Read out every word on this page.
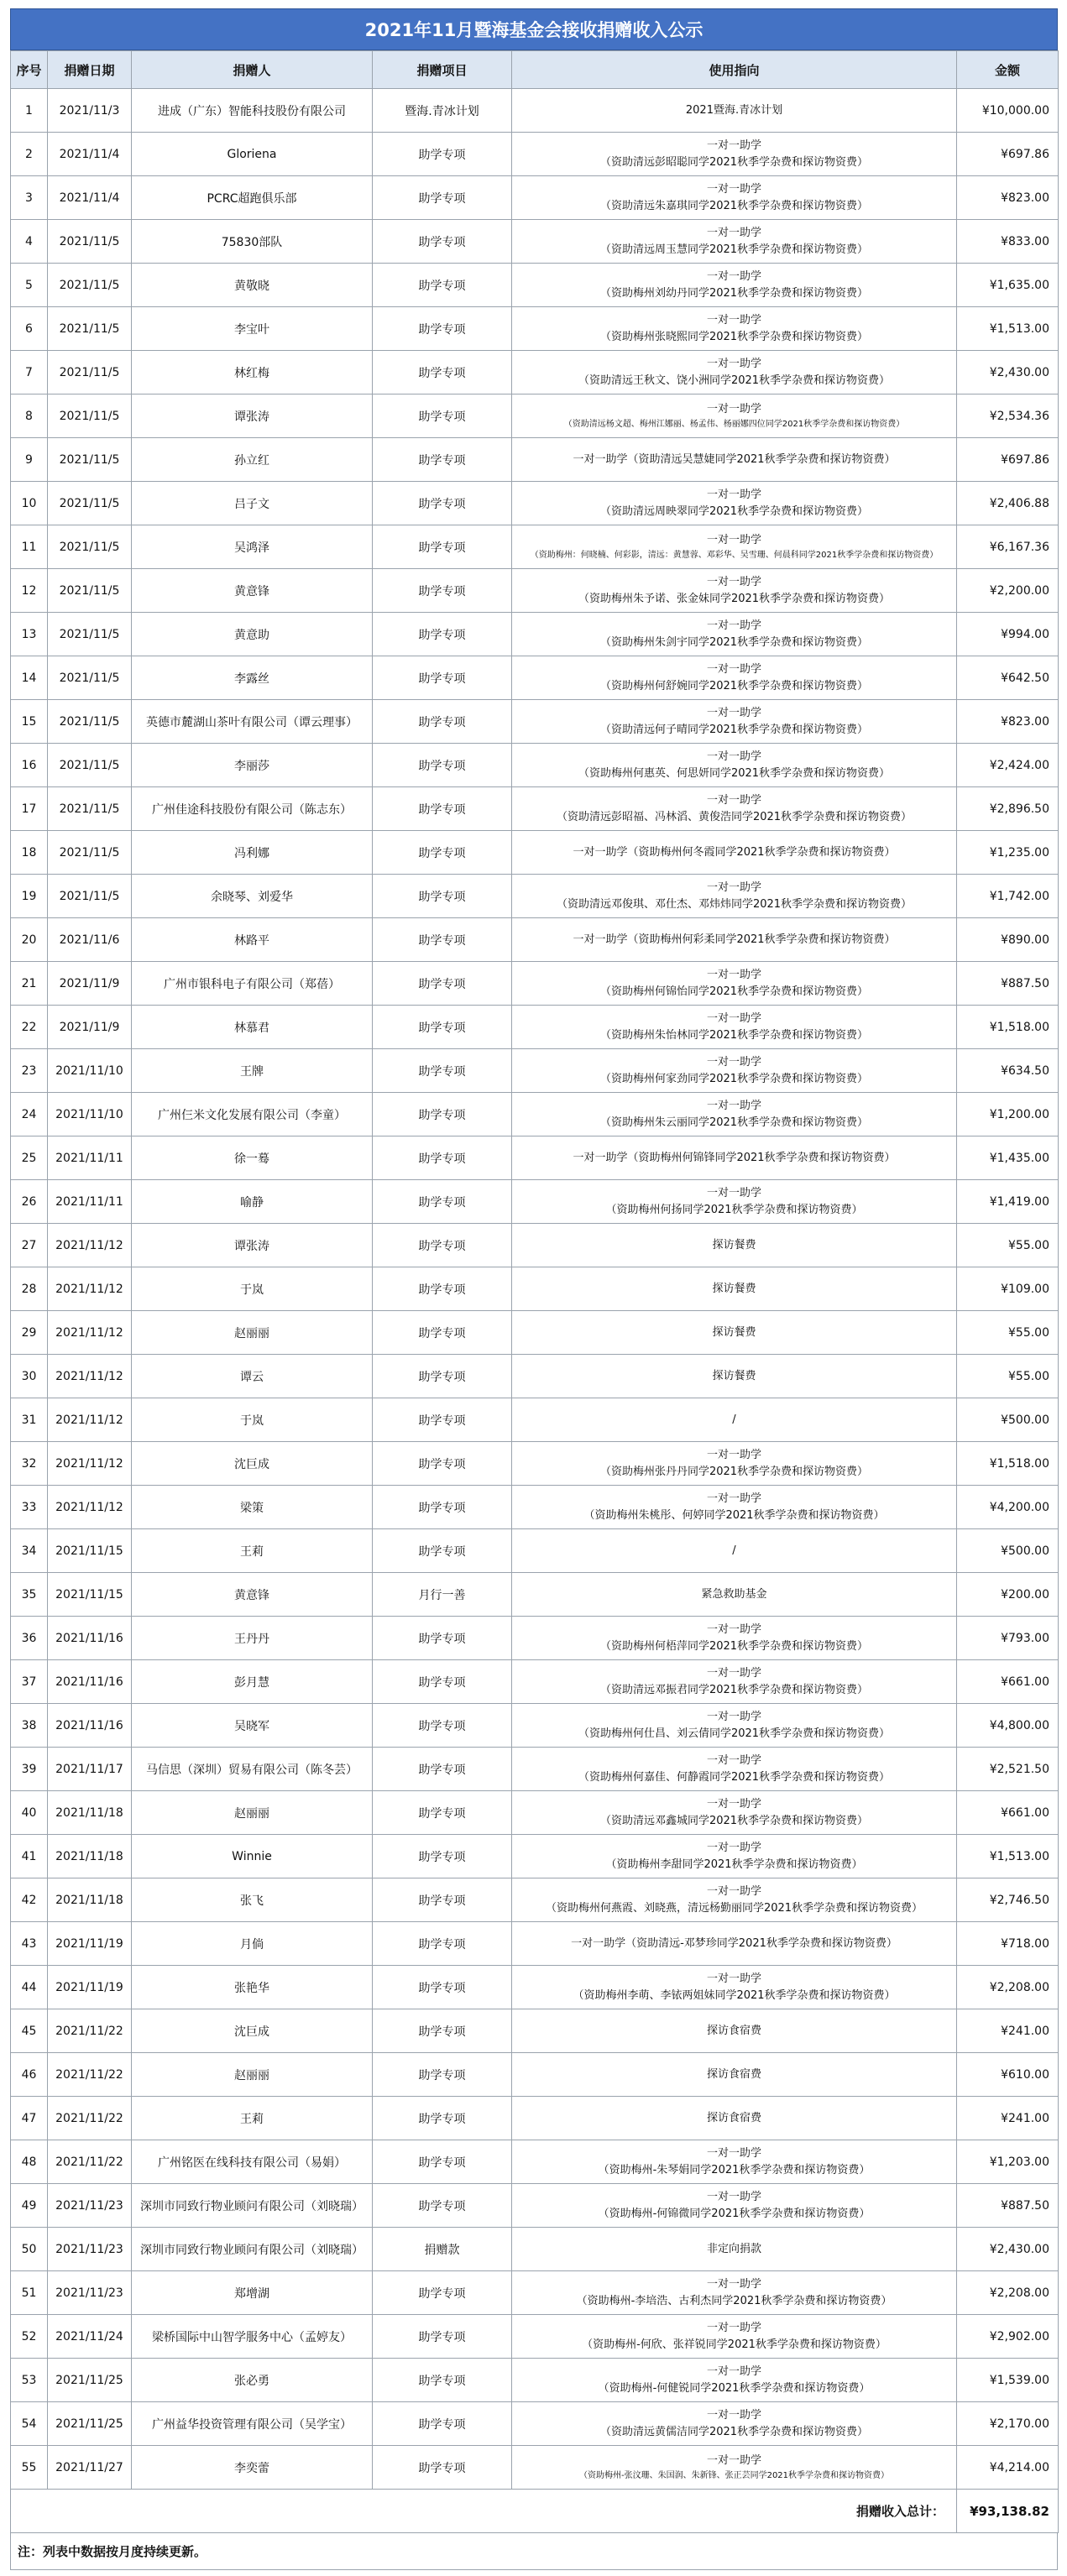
2021年11月暨海基金会接收捐赠收入公示
序号	捐赠日期	捐赠人	捐赠项目	使用指向	金额
1	2021/11/3	进成（广东）智能科技股份有限公司	暨海.青冰计划	2021暨海.青冰计划	¥10,000.00
2	2021/11/4	Gloriena	助学专项	一对一助学
（资助清远彭昭聪同学2021秋季学杂费和探访物资费）	¥697.86
3	2021/11/4	PCRC超跑俱乐部	助学专项	一对一助学
（资助清远朱嘉琪同学2021秋季学杂费和探访物资费）	¥823.00
4	2021/11/5	75830部队	助学专项	一对一助学
（资助清远周玉慧同学2021秋季学杂费和探访物资费）	¥833.00
5	2021/11/5	黄敬晓	助学专项	一对一助学
（资助梅州刘幼丹同学2021秋季学杂费和探访物资费）	¥1,635.00
6	2021/11/5	李宝叶	助学专项	一对一助学
（资助梅州张晓熙同学2021秋季学杂费和探访物资费）	¥1,513.00
7	2021/11/5	林红梅	助学专项	一对一助学
（资助清远王秋文、饶小洲同学2021秋季学杂费和探访物资费）	¥2,430.00
8	2021/11/5	谭张涛	助学专项	一对一助学
（资助清远杨文超、梅州江娜丽、杨孟伟、杨丽娜四位同学2021秋季学杂费和探访物资费）	¥2,534.36
9	2021/11/5	孙立红	助学专项	一对一助学（资助清远吴慧婕同学2021秋季学杂费和探访物资费）	¥697.86
10	2021/11/5	吕子文	助学专项	一对一助学
（资助清远周映翠同学2021秋季学杂费和探访物资费）	¥2,406.88
11	2021/11/5	吴鸿泽	助学专项	一对一助学
（资助梅州：何晓楠、何彩影，清远：黄慧蓉、邓彩华、吴雪珊、何晨科同学2021秋季学杂费和探访物资费）	¥6,167.36
12	2021/11/5	黄意锋	助学专项	一对一助学
（资助梅州朱予诺、张金妹同学2021秋季学杂费和探访物资费）	¥2,200.00
13	2021/11/5	黄意助	助学专项	一对一助学
（资助梅州朱剑宇同学2021秋季学杂费和探访物资费）	¥994.00
14	2021/11/5	李露丝	助学专项	一对一助学
（资助梅州何舒婉同学2021秋季学杂费和探访物资费）	¥642.50
15	2021/11/5	英德市麓湖山茶叶有限公司（谭云理事）	助学专项	一对一助学
（资助清远何子晴同学2021秋季学杂费和探访物资费）	¥823.00
16	2021/11/5	李丽莎	助学专项	一对一助学
（资助梅州何惠英、何思妍同学2021秋季学杂费和探访物资费）	¥2,424.00
17	2021/11/5	广州佳途科技股份有限公司（陈志东）	助学专项	一对一助学
（资助清远彭昭福、冯林滔、黄俊浩同学2021秋季学杂费和探访物资费）	¥2,896.50
18	2021/11/5	冯利娜	助学专项	一对一助学（资助梅州何冬霞同学2021秋季学杂费和探访物资费）	¥1,235.00
19	2021/11/5	余晓琴、刘爱华	助学专项	一对一助学
（资助清远邓俊琪、邓仕杰、邓炜炜同学2021秋季学杂费和探访物资费）	¥1,742.00
20	2021/11/6	林路平	助学专项	一对一助学（资助梅州何彩柔同学2021秋季学杂费和探访物资费）	¥890.00
21	2021/11/9	广州市银科电子有限公司（郑蓓）	助学专项	一对一助学
（资助梅州何锦怡同学2021秋季学杂费和探访物资费）	¥887.50
22	2021/11/9	林慕君	助学专项	一对一助学
（资助梅州朱怡林同学2021秋季学杂费和探访物资费）	¥1,518.00
23	2021/11/10	王牌	助学专项	一对一助学
（资助梅州何家劲同学2021秋季学杂费和探访物资费）	¥634.50
24	2021/11/10	广州仨米文化发展有限公司（李童）	助学专项	一对一助学
（资助梅州朱云丽同学2021秋季学杂费和探访物资费）	¥1,200.00
25	2021/11/11	徐一蓦	助学专项	一对一助学（资助梅州何锦锋同学2021秋季学杂费和探访物资费）	¥1,435.00
26	2021/11/11	喻静	助学专项	一对一助学
（资助梅州何扬同学2021秋季学杂费和探访物资费）	¥1,419.00
27	2021/11/12	谭张涛	助学专项	探访餐费	¥55.00
28	2021/11/12	于岚	助学专项	探访餐费	¥109.00
29	2021/11/12	赵丽丽	助学专项	探访餐费	¥55.00
30	2021/11/12	谭云	助学专项	探访餐费	¥55.00
31	2021/11/12	于岚	助学专项	/	¥500.00
32	2021/11/12	沈巨成	助学专项	一对一助学
（资助梅州张丹丹同学2021秋季学杂费和探访物资费）	¥1,518.00
33	2021/11/12	梁策	助学专项	一对一助学
（资助梅州朱桃彤、何婷同学2021秋季学杂费和探访物资费）	¥4,200.00
34	2021/11/15	王莉	助学专项	/	¥500.00
35	2021/11/15	黄意锋	月行一善	紧急救助基金	¥200.00
36	2021/11/16	王丹丹	助学专项	一对一助学
（资助梅州何梧萍同学2021秋季学杂费和探访物资费）	¥793.00
37	2021/11/16	彭月慧	助学专项	一对一助学
（资助清远邓振君同学2021秋季学杂费和探访物资费）	¥661.00
38	2021/11/16	吴晓军	助学专项	一对一助学
（资助梅州何仕昌、刘云倩同学2021秋季学杂费和探访物资费）	¥4,800.00
39	2021/11/17	马信思（深圳）贸易有限公司（陈冬芸）	助学专项	一对一助学
（资助梅州何嘉佳、何静霞同学2021秋季学杂费和探访物资费）	¥2,521.50
40	2021/11/18	赵丽丽	助学专项	一对一助学
（资助清远邓鑫城同学2021秋季学杂费和探访物资费）	¥661.00
41	2021/11/18	Winnie	助学专项	一对一助学
（资助梅州李甜同学2021秋季学杂费和探访物资费）	¥1,513.00
42	2021/11/18	张飞	助学专项	一对一助学
（资助梅州何燕霞、刘晓燕，清远杨勤丽同学2021秋季学杂费和探访物资费）	¥2,746.50
43	2021/11/19	月倘	助学专项	一对一助学（资助清远-邓梦珍同学2021秋季学杂费和探访物资费）	¥718.00
44	2021/11/19	张艳华	助学专项	一对一助学
（资助梅州李萌、李铱两姐妹同学2021秋季学杂费和探访物资费）	¥2,208.00
45	2021/11/22	沈巨成	助学专项	探访食宿费	¥241.00
46	2021/11/22	赵丽丽	助学专项	探访食宿费	¥610.00
47	2021/11/22	王莉	助学专项	探访食宿费	¥241.00
48	2021/11/22	广州铭医在线科技有限公司（易娟）	助学专项	一对一助学
（资助梅州-朱琴娟同学2021秋季学杂费和探访物资费）	¥1,203.00
49	2021/11/23	深圳市同致行物业顾问有限公司（刘晓瑞）	助学专项	一对一助学
（资助梅州-何锦微同学2021秋季学杂费和探访物资费）	¥887.50
50	2021/11/23	深圳市同致行物业顾问有限公司（刘晓瑞）	捐赠款	非定向捐款	¥2,430.00
51	2021/11/23	郑增湖	助学专项	一对一助学
（资助梅州-李培浩、古利杰同学2021秋季学杂费和探访物资费）	¥2,208.00
52	2021/11/24	梁桥国际中山智学服务中心（孟婷友）	助学专项	一对一助学
（资助梅州-何欣、张祥锐同学2021秋季学杂费和探访物资费）	¥2,902.00
53	2021/11/25	张必勇	助学专项	一对一助学
（资助梅州-何健锐同学2021秋季学杂费和探访物资费）	¥1,539.00
54	2021/11/25	广州益华投资管理有限公司（吴学宝）	助学专项	一对一助学
（资助清远黄儒洁同学2021秋季学杂费和探访物资费）	¥2,170.00
55	2021/11/27	李奕蕾	助学专项	一对一助学
（资助梅州-张汶珊、朱国润、朱新锋、张正芸同学2021秋季学杂费和探访物资费）	¥4,214.00
捐赠收入总计：					¥93,138.82
注：列表中数据按月度持续更新。
